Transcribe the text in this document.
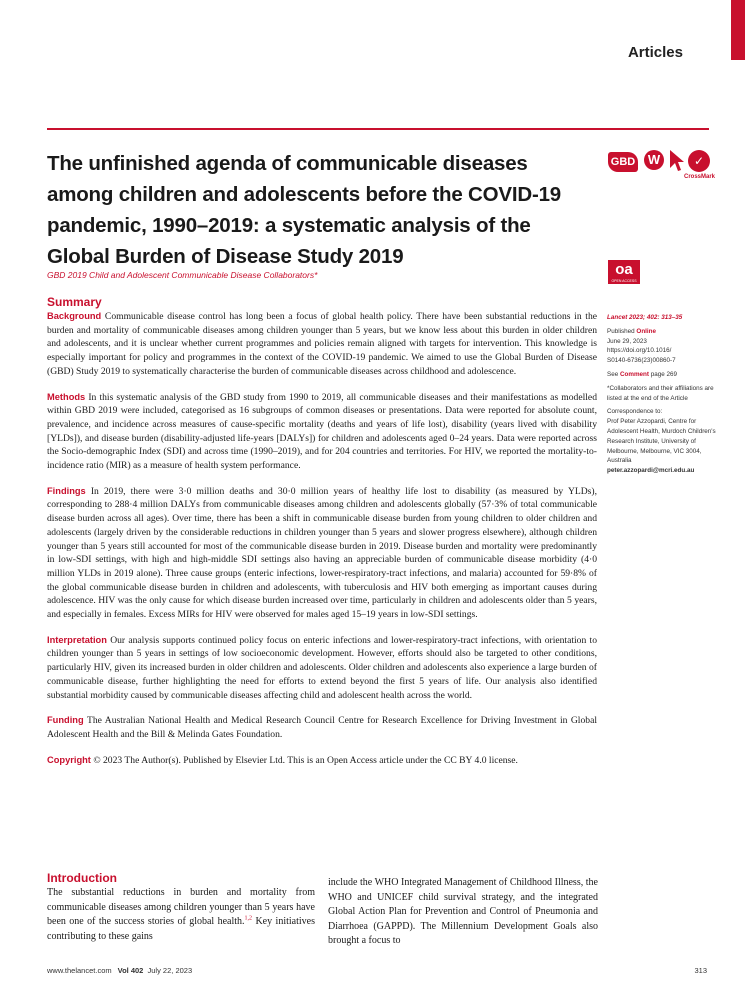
Articles
The unfinished agenda of communicable diseases among children and adolescents before the COVID-19 pandemic, 1990–2019: a systematic analysis of the Global Burden of Disease Study 2019
GBD W	✓
CrossMark
GBD 2019 Child and Adolescent Communicable Disease Collaborators*	oa
OPEN ACCESS
Summary

Background Communicable disease control has long been a focus of global health policy. There have been substantial reductions in the burden and mortality of communicable diseases among children younger than 5 years, but we know less about this burden in older children and adolescents, and it is unclear whether current programmes and policies remain aligned with targets for intervention. This knowledge is especially important for policy and programmes in the context of the COVID-19 pandemic. We aimed to use the Global Burden of Disease (GBD) Study 2019 to systematically characterise the burden of communicable diseases across childhood and adolescence.

Methods In this systematic analysis of the GBD study from 1990 to 2019, all communicable diseases and their manifestations as modelled within GBD 2019 were included, categorised as 16 subgroups of common diseases or presentations. Data were reported for absolute count, prevalence, and incidence across measures of cause-specific mortality (deaths and years of life lost), disability (years lived with disability [YLDs]), and disease burden (disability-adjusted life-years [DALYs]) for children and adolescents aged 0–24 years. Data were reported across the Socio-demographic Index (SDI) and across time (1990–2019), and for 204 countries and territories. For HIV, we reported the mortality-to-incidence ratio (MIR) as a measure of health system performance.

Findings In 2019, there were 3·0 million deaths and 30·0 million years of healthy life lost to disability (as measured by YLDs), corresponding to 288·4 million DALYs from communicable diseases among children and adolescents globally (57·3% of total communicable disease burden across all ages). Over time, there has been a shift in communicable disease burden from young children to older children and adolescents (largely driven by the considerable reductions in children younger than 5 years and slower progress elsewhere), although children younger than 5 years still accounted for most of the communicable disease burden in 2019. Disease burden and mortality were predominantly in low-SDI settings, with high and high-middle SDI settings also having an appreciable burden of communicable disease morbidity (4·0 million YLDs in 2019 alone). Three cause groups (enteric infections, lower-respiratory-tract infections, and malaria) accounted for 59·8% of the global communicable disease burden in children and adolescents, with tuberculosis and HIV both emerging as important causes during adolescence. HIV was the only cause for which disease burden increased over time, particularly in children and adolescents older than 5 years, and especially in females. Excess MIRs for HIV were observed for males aged 15–19 years in low-SDI settings.

Interpretation Our analysis supports continued policy focus on enteric infections and lower-respiratory-tract infections, with orientation to children younger than 5 years in settings of low socioeconomic development. However, efforts should also be targeted to other conditions, particularly HIV, given its increased burden in older children and adolescents. Older children and adolescents also experience a large burden of communicable disease, further highlighting the need for efforts to extend beyond the first 5 years of life. Our analysis also identified substantial morbidity caused by communicable diseases affecting child and adolescent health across the world.

Funding The Australian National Health and Medical Research Council Centre for Research Excellence for Driving Investment in Global Adolescent Health and the Bill & Melinda Gates Foundation.

Copyright © 2023 The Author(s). Published by Elsevier Ltd. This is an Open Access article under the CC BY 4.0 license.

Lancet 2023; 402: 313–35

Published Online
June 29, 2023
https://doi.org/10.1016/
S0140-6736(23)00860-7

See Comment page 269

*Collaborators and their affiliations are listed at the end of the Article

Correspondence to:
Prof Peter Azzopardi, Centre for Adolescent Health, Murdoch Children's Research Institute, University of Melbourne, Melbourne, VIC 3004, Australia
peter.azzopardi@mcri.edu.au

Introduction

The substantial reductions in burden and mortality from communicable diseases among children younger than 5 years have been one of the success stories of global health.$^{1,2}$ Key initiatives contributing to these gains

include the WHO Integrated Management of Childhood Illness, the WHO and UNICEF child survival strategy, and the integrated Global Action Plan for Prevention and Control of Pneumonia and Diarrhoea (GAPPD). The Millennium Development Goals also brought a focus to

www.thelancet.com Vol 402 July 22, 2023	313
